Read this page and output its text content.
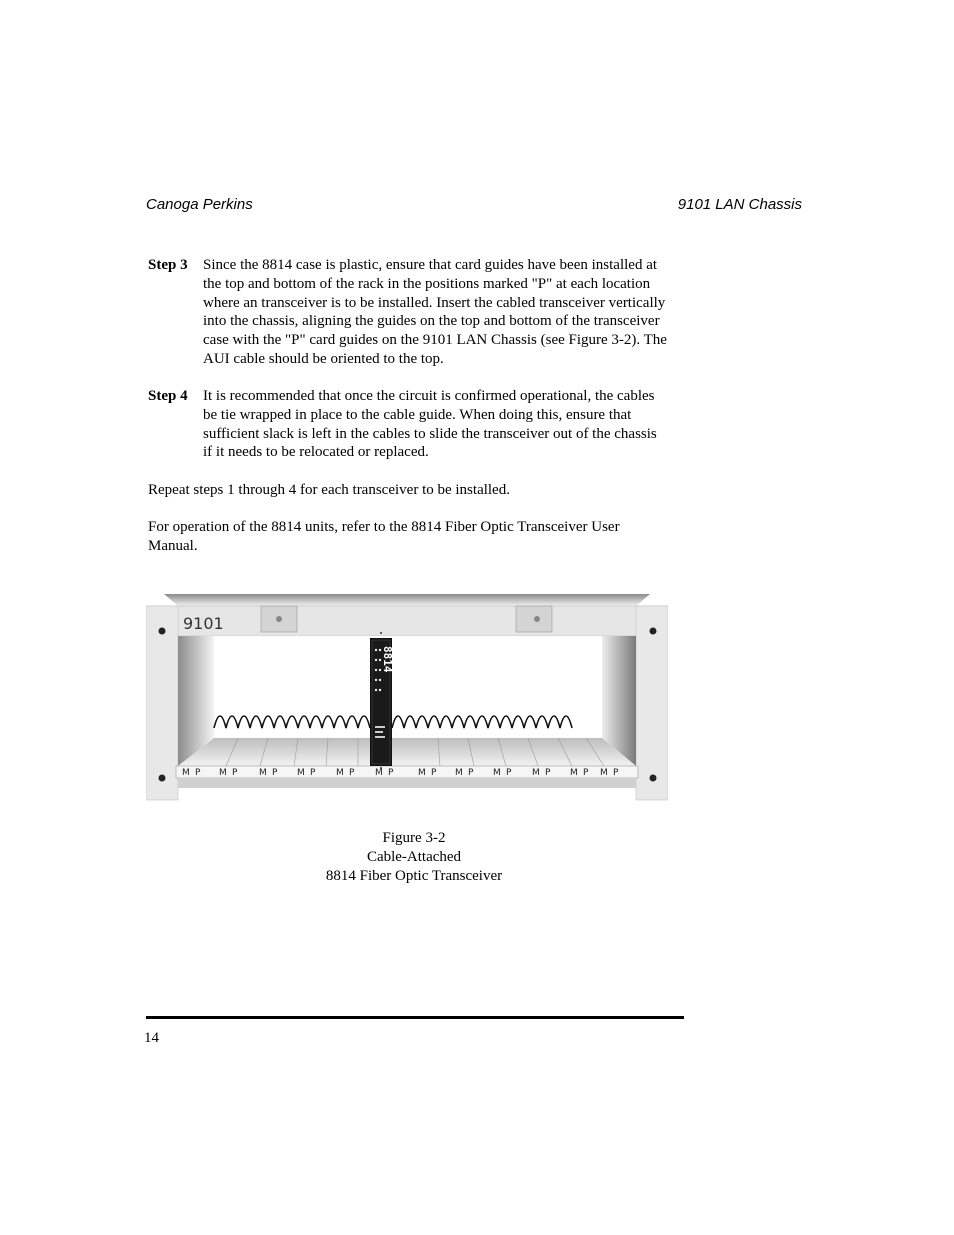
Canoga Perkins	9101 LAN Chassis
Step 3 Since the 8814 case is plastic, ensure that card guides have been installed at the top and bottom of the rack in the positions marked "P" at each location where an transceiver is to be installed. Insert the cabled transceiver vertically into the chassis, aligning the guides on the top and bottom of the transceiver case with the "P" card guides on the 9101 LAN Chassis (see Figure 3-2). The AUI cable should be oriented to the top.
Step 4 It is recommended that once the circuit is confirmed operational, the cables be tie wrapped in place to the cable guide. When doing this, ensure that sufficient slack is left in the cables to slide the transceiver out of the chassis if it needs to be relocated or replaced.
Repeat steps 1 through 4 for each transceiver to be installed.
For operation of the 8814 units, refer to the 8814 Fiber Optic Transceiver User Manual.
9101
8814
M P M P M P M P M P M P	M P M P M P M P M P M P
Figure 3-2
Cable-Attached
8814 Fiber Optic Transceiver
14
